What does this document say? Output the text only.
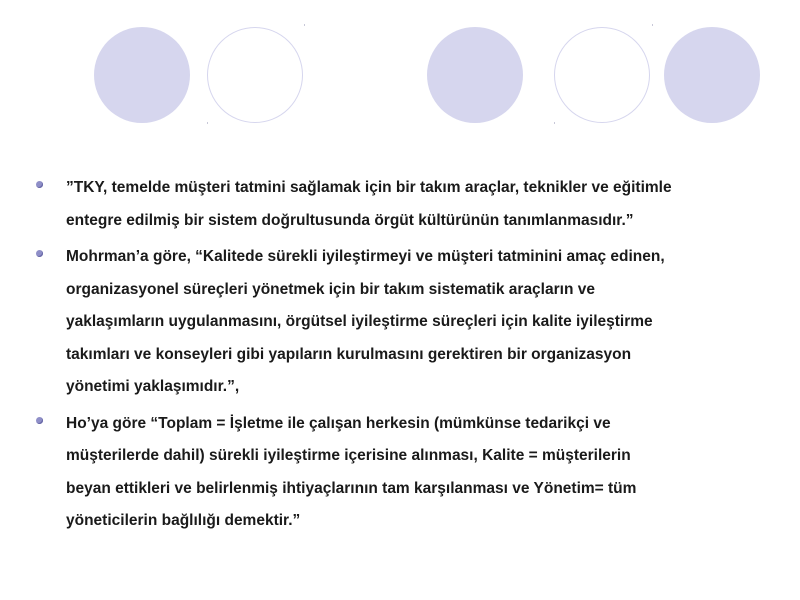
”TKY, temelde müşteri tatmini sağlamak için bir takım araçlar, teknikler ve eğitimle
entegre edilmiş bir sistem doğrultusunda örgüt kültürünün tanımlanmasıdır.”
Mohrman’a göre, “Kalitede sürekli iyileştirmeyi ve müşteri tatminini amaç edinen,
organizasyonel süreçleri yönetmek için bir takım sistematik araçların ve
yaklaşımların uygulanmasını, örgütsel iyileştirme süreçleri için kalite iyileştirme
takımları ve konseyleri gibi yapıların kurulmasını gerektiren bir organizasyon
yönetimi yaklaşımıdır.”,
Ho’ya göre “Toplam = İşletme ile çalışan herkesin (mümkünse tedarikçi ve
müşterilerde dahil) sürekli iyileştirme içerisine alınması, Kalite = müşterilerin
beyan ettikleri ve belirlenmiş ihtiyaçlarının tam karşılanması ve Yönetim= tüm
yöneticilerin bağlılığı demektir.”
